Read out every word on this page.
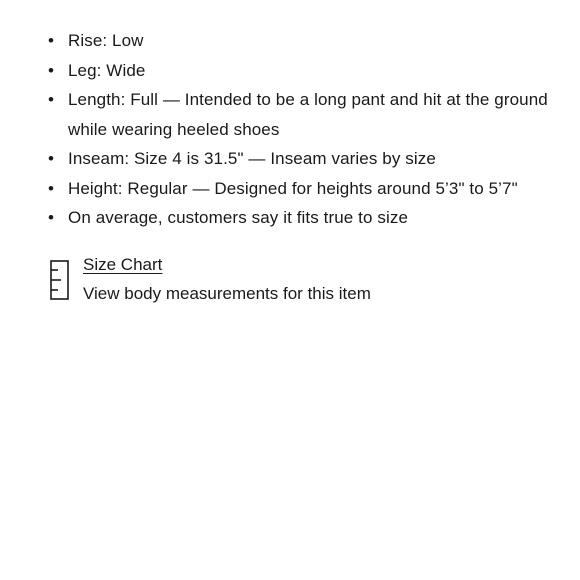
• Rise: Low
• Leg: Wide
• Length: Full — Intended to be a long pant and hit at the ground while wearing heeled shoes
• Inseam: Size 4 is 31.5" — Inseam varies by size
• Height: Regular — Designed for heights around 5’3" to 5’7"
• On average, customers say it fits true to size
Size Chart
View body measurements for this item
